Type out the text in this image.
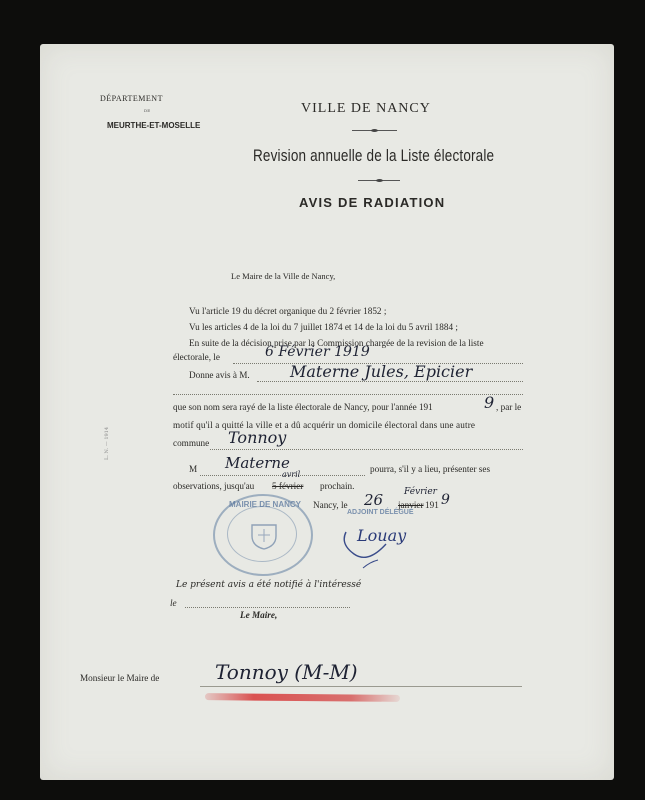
DÉPARTEMENT
DE
MEURTHE-ET-MOSELLE
VILLE DE NANCY
Revision annuelle de la Liste électorale
AVIS DE RADIATION
Le Maire de la Ville de Nancy,
Vu l'article 19 du décret organique du 2 février 1852 ;
Vu les articles 4 de la loi du 7 juillet 1874 et 14 de la loi du 5 avril 1884 ;
En suite de la décision prise par la Commission chargée de la revision de la liste
électorale, le	6 Février 1919
Donne avis à M.	Materne Jules, Epicier
que son nom sera rayé de la liste électorale de Nancy, pour l'année 191	9 , par le
motif qu'il a quitté la ville et a dû acquérir un domicile électoral dans une autre
commune Tonnoy
M Materne	pourra, s'il y a lieu, présenter ses
avril
observations, jusqu'au 5 février prochain.
Nancy, le 26 Février
janvier 191 9
ADJOINT DÉLÉGUÉ
Louay
MAIRIE DE NANCY
L. N. — 1914
Le présent avis a été notifié à l'intéressé
le
Le Maire,
Monsieur le Maire de	Tonnoy (M-M)
